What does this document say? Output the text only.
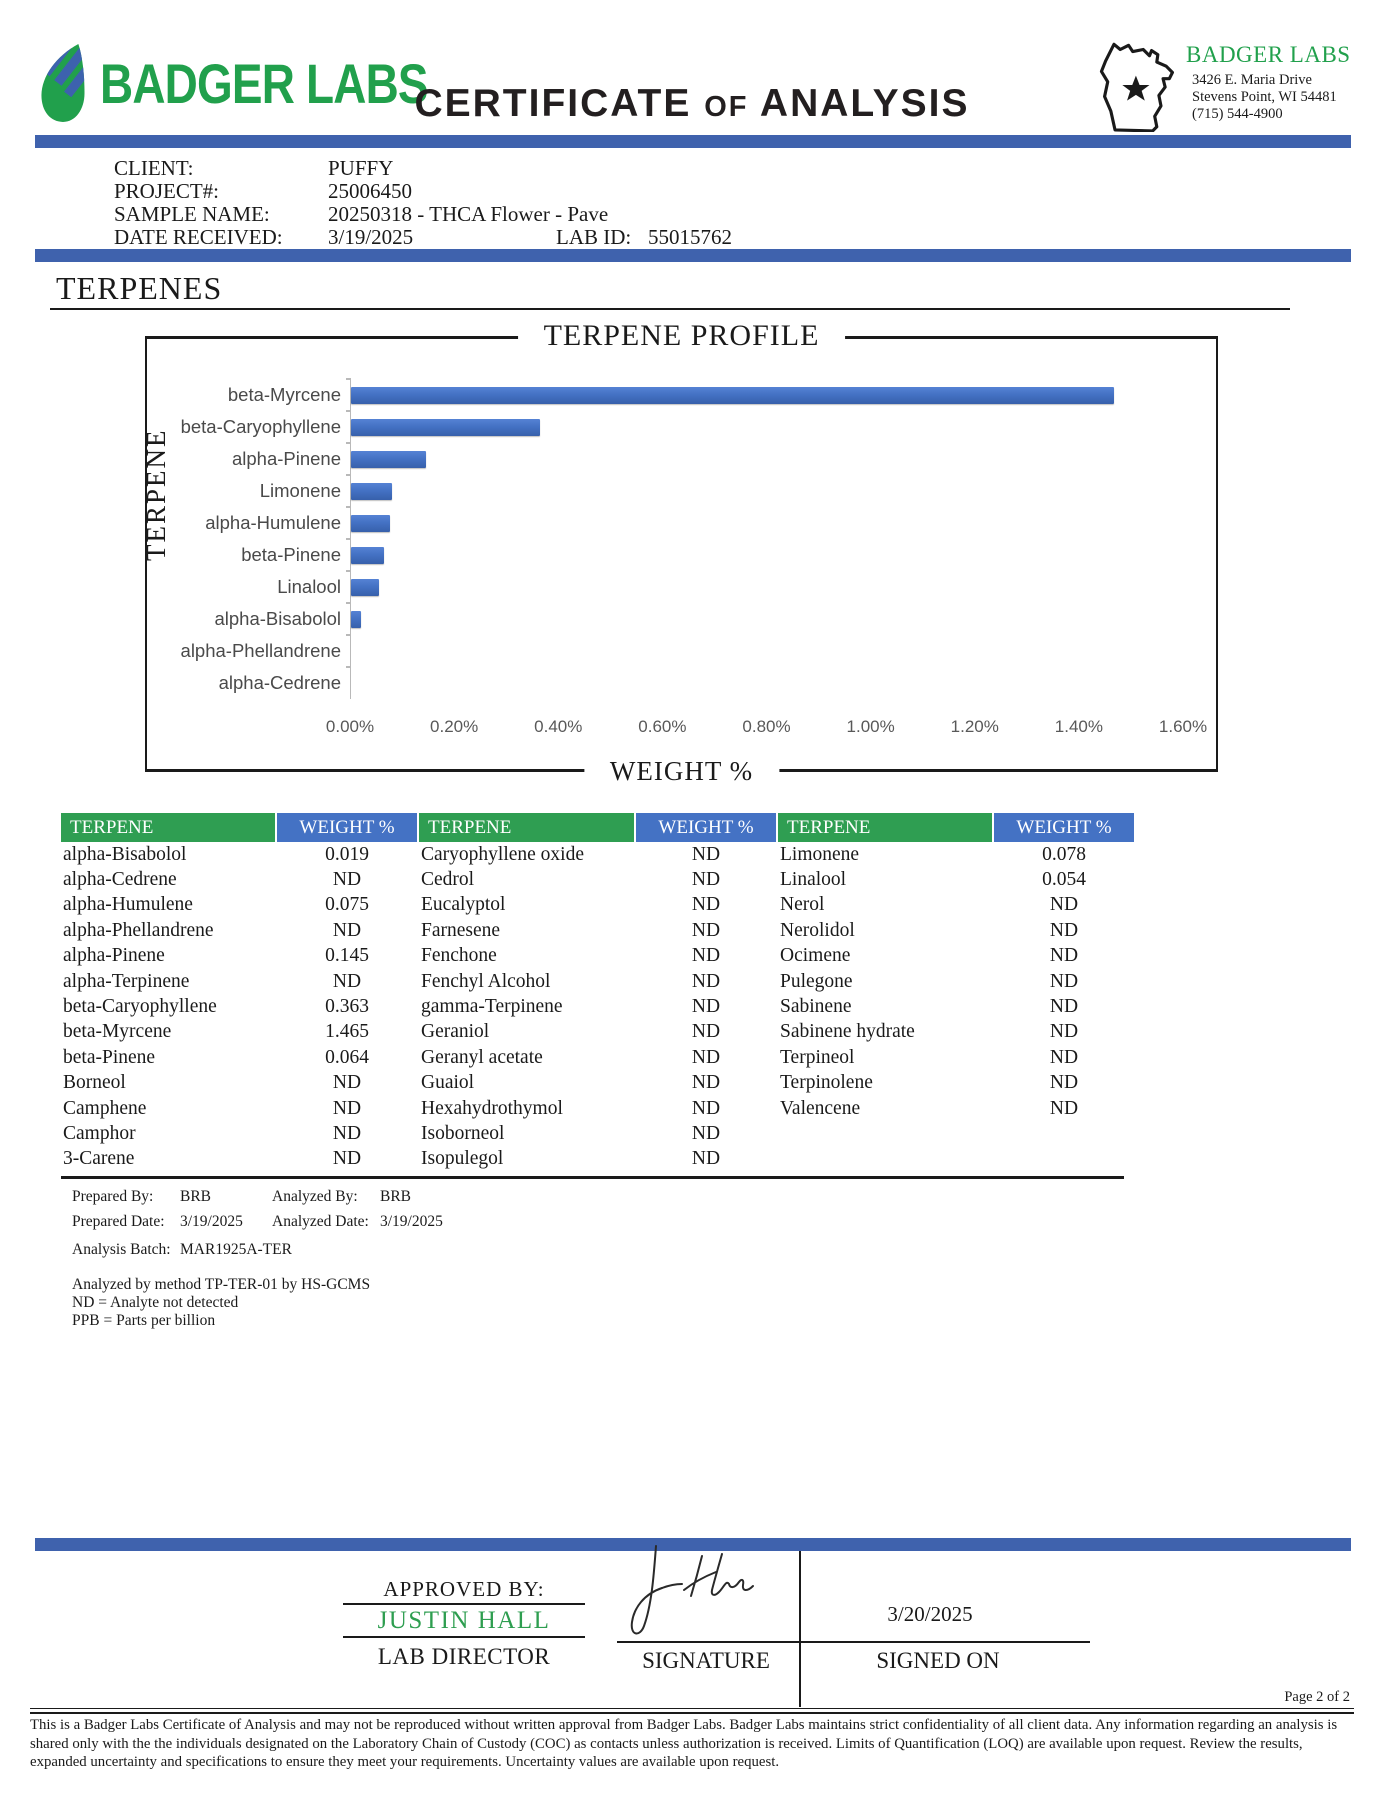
BADGER LABS
CERTIFICATE OF ANALYSIS
BADGER LABS
3426 E. Maria Drive
Stevens Point, WI 54481
(715) 544-4900
CLIENT:	PUFFY
PROJECT#:	25006450
SAMPLE NAME:	20250318 - THCA Flower - Pave
DATE RECEIVED: 3/19/2025	LAB ID: 55015762
TERPENES
TERPENE PROFILE
TERPENE
beta-Myrcene
beta-Caryophyllene
alpha-Pinene
Limonene
alpha-Humulene
beta-Pinene
Linalool
alpha-Bisabolol
alpha-Phellandrene
alpha-Cedrene
0.00%	0.20%	0.40%	0.60%	0.80%	1.00%	1.20%	1.40%	1.60%
WEIGHT %
TERPENE	WEIGHT %	TERPENE	WEIGHT %	TERPENE	WEIGHT %
alpha-Bisabolol	0.019	Caryophyllene oxide	ND	Limonene	0.078
alpha-Cedrene	ND	Cedrol	ND	Linalool	0.054
alpha-Humulene	0.075	Eucalyptol	ND	Nerol	ND
alpha-Phellandrene	ND	Farnesene	ND	Nerolidol	ND
alpha-Pinene	0.145	Fenchone	ND	Ocimene	ND
alpha-Terpinene	ND	Fenchyl Alcohol	ND	Pulegone	ND
beta-Caryophyllene	0.363	gamma-Terpinene	ND	Sabinene	ND
beta-Myrcene	1.465	Geraniol	ND	Sabinene hydrate	ND
beta-Pinene	0.064	Geranyl acetate	ND	Terpineol	ND
Borneol	ND	Guaiol	ND	Terpinolene	ND
Camphene	ND	Hexahydrothymol	ND	Valencene	ND
Camphor	ND	Isoborneol	ND
3-Carene	ND	Isopulegol	ND
Prepared By: BRB	Analyzed By: BRB
Prepared Date: 3/19/2025 Analyzed Date: 3/19/2025
Analysis Batch: MAR1925A-TER
Analyzed by method TP-TER-01 by HS-GCMS
ND = Analyte not detected
PPB = Parts per billion
APPROVED BY:
JUSTIN HALL
LAB DIRECTOR
3/20/2025
SIGNATURE	SIGNED ON
Page 2 of 2
This is a Badger Labs Certificate of Analysis and may not be reproduced without written approval from Badger Labs. Badger Labs maintains strict confidentiality of all client data. Any information regarding an analysis is shared only with the the individuals designated on the Laboratory Chain of Custody (COC) as contacts unless authorization is received. Limits of Quantification (LOQ) are available upon request. Review the results, expanded uncertainty and specifications to ensure they meet your requirements. Uncertainty values are available upon request.
